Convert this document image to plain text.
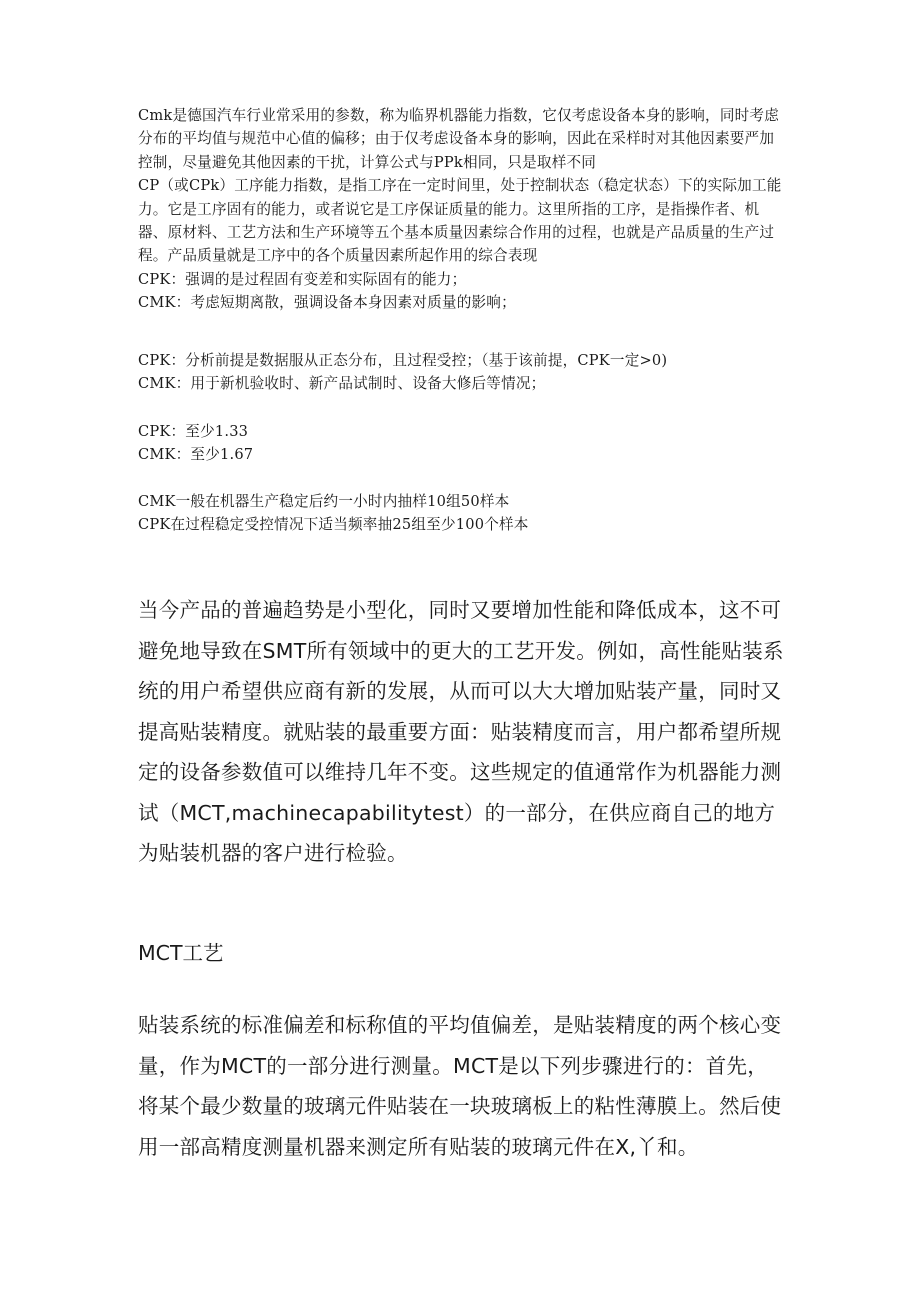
Cmk是德国汽车行业常采用的参数，称为临界机器能力指数，它仅考虑设备本身的影响，同时考虑分布的平均值与规范中心值的偏移；由于仅考虑设备本身的影响，因此在采样时对其他因素要严加控制，尽量避免其他因素的干扰，计算公式与PPk相同，只是取样不同

CP（或CPk）工序能力指数，是指工序在一定时间里，处于控制状态（稳定状态）下的实际加工能力。它是工序固有的能力，或者说它是工序保证质量的能力。这里所指的工序，是指操作者、机器、原材料、工艺方法和生产环境等五个基本质量因素综合作用的过程，也就是产品质量的生产过程。产品质量就是工序中的各个质量因素所起作用的综合表现

CPK：强调的是过程固有变差和实际固有的能力；

CMK：考虑短期离散，强调设备本身因素对质量的影响；

CPK：分析前提是数据服从正态分布，且过程受控；（基于该前提，CPK一定>0)

CMK：用于新机验收时、新产品试制时、设备大修后等情况；

CPK：至少1.33

CMK：至少1.67

CMK一般在机器生产稳定后约一小时内抽样10组50样本

CPK在过程稳定受控情况下适当频率抽25组至少100个样本

当今产品的普遍趋势是小型化，同时又要增加性能和降低成本，这不可避免地导致在SMT所有领域中的更大的工艺开发。例如，高性能贴装系统的用户希望供应商有新的发展，从而可以大大增加贴装产量，同时又提高贴装精度。就贴装的最重要方面：贴装精度而言，用户都希望所规定的设备参数值可以维持几年不变。这些规定的值通常作为机器能力测试（MCT,machinecapabilitytest）的一部分，在供应商自己的地方为贴装机器的客户进行检验。

MCT工艺

贴装系统的标准偏差和标称值的平均值偏差，是贴装精度的两个核心变量，作为MCT的一部分进行测量。MCT是以下列步骤进行的：首先，将某个最少数量的玻璃元件贴装在一块玻璃板上的粘性薄膜上。然后使用一部高精度测量机器来测定所有贴装的玻璃元件在X,丫和。
